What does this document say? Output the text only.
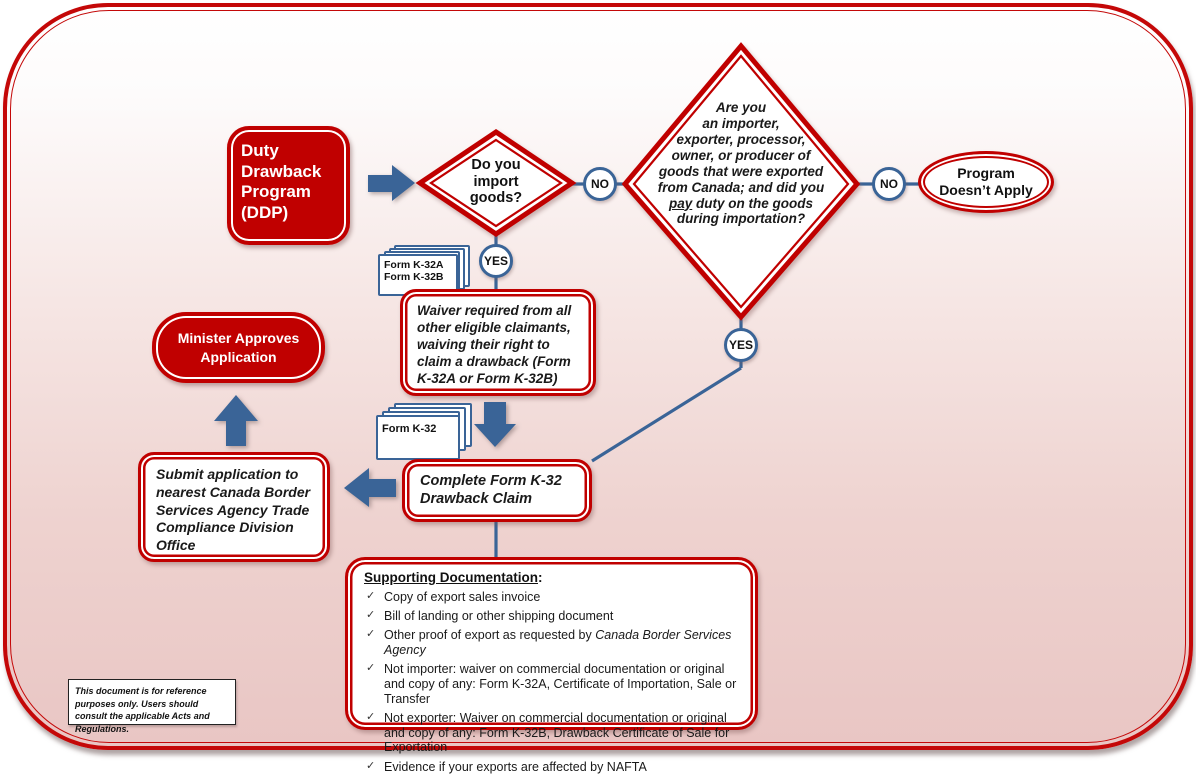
Duty Drawback Program (DDP)
Do you
import
goods?
Are you
an importer,
exporter, processor,
owner, or producer of
goods that were exported
from Canada; and did you
pay duty on the goods
during importation?
NO
YES
NO
YES
Program Doesn’t Apply
Form K-32A
Form K-32B
Waiver required from all other eligible claimants, waiving their right to claim a drawback (Form K-32A or Form K-32B)
Form K-32
Complete Form K-32 Drawback Claim
Submit application to nearest Canada Border Services Agency Trade Compliance Division Office
Minister Approves Application
Supporting Documentation:
✓ Copy of export sales invoice
✓ Bill of landing or other shipping document
✓ Other proof of export as requested by Canada Border Services Agency
✓ Not importer: waiver on commercial documentation or original and copy of any: Form K-32A, Certificate of Importation, Sale or Transfer
✓ Not exporter: Waiver on commercial documentation or original and copy of any: Form K-32B, Drawback Certificate of Sale for Exportation
✓ Evidence if your exports are affected by NAFTA
This document is for reference purposes only. Users should consult the applicable Acts and Regulations.
